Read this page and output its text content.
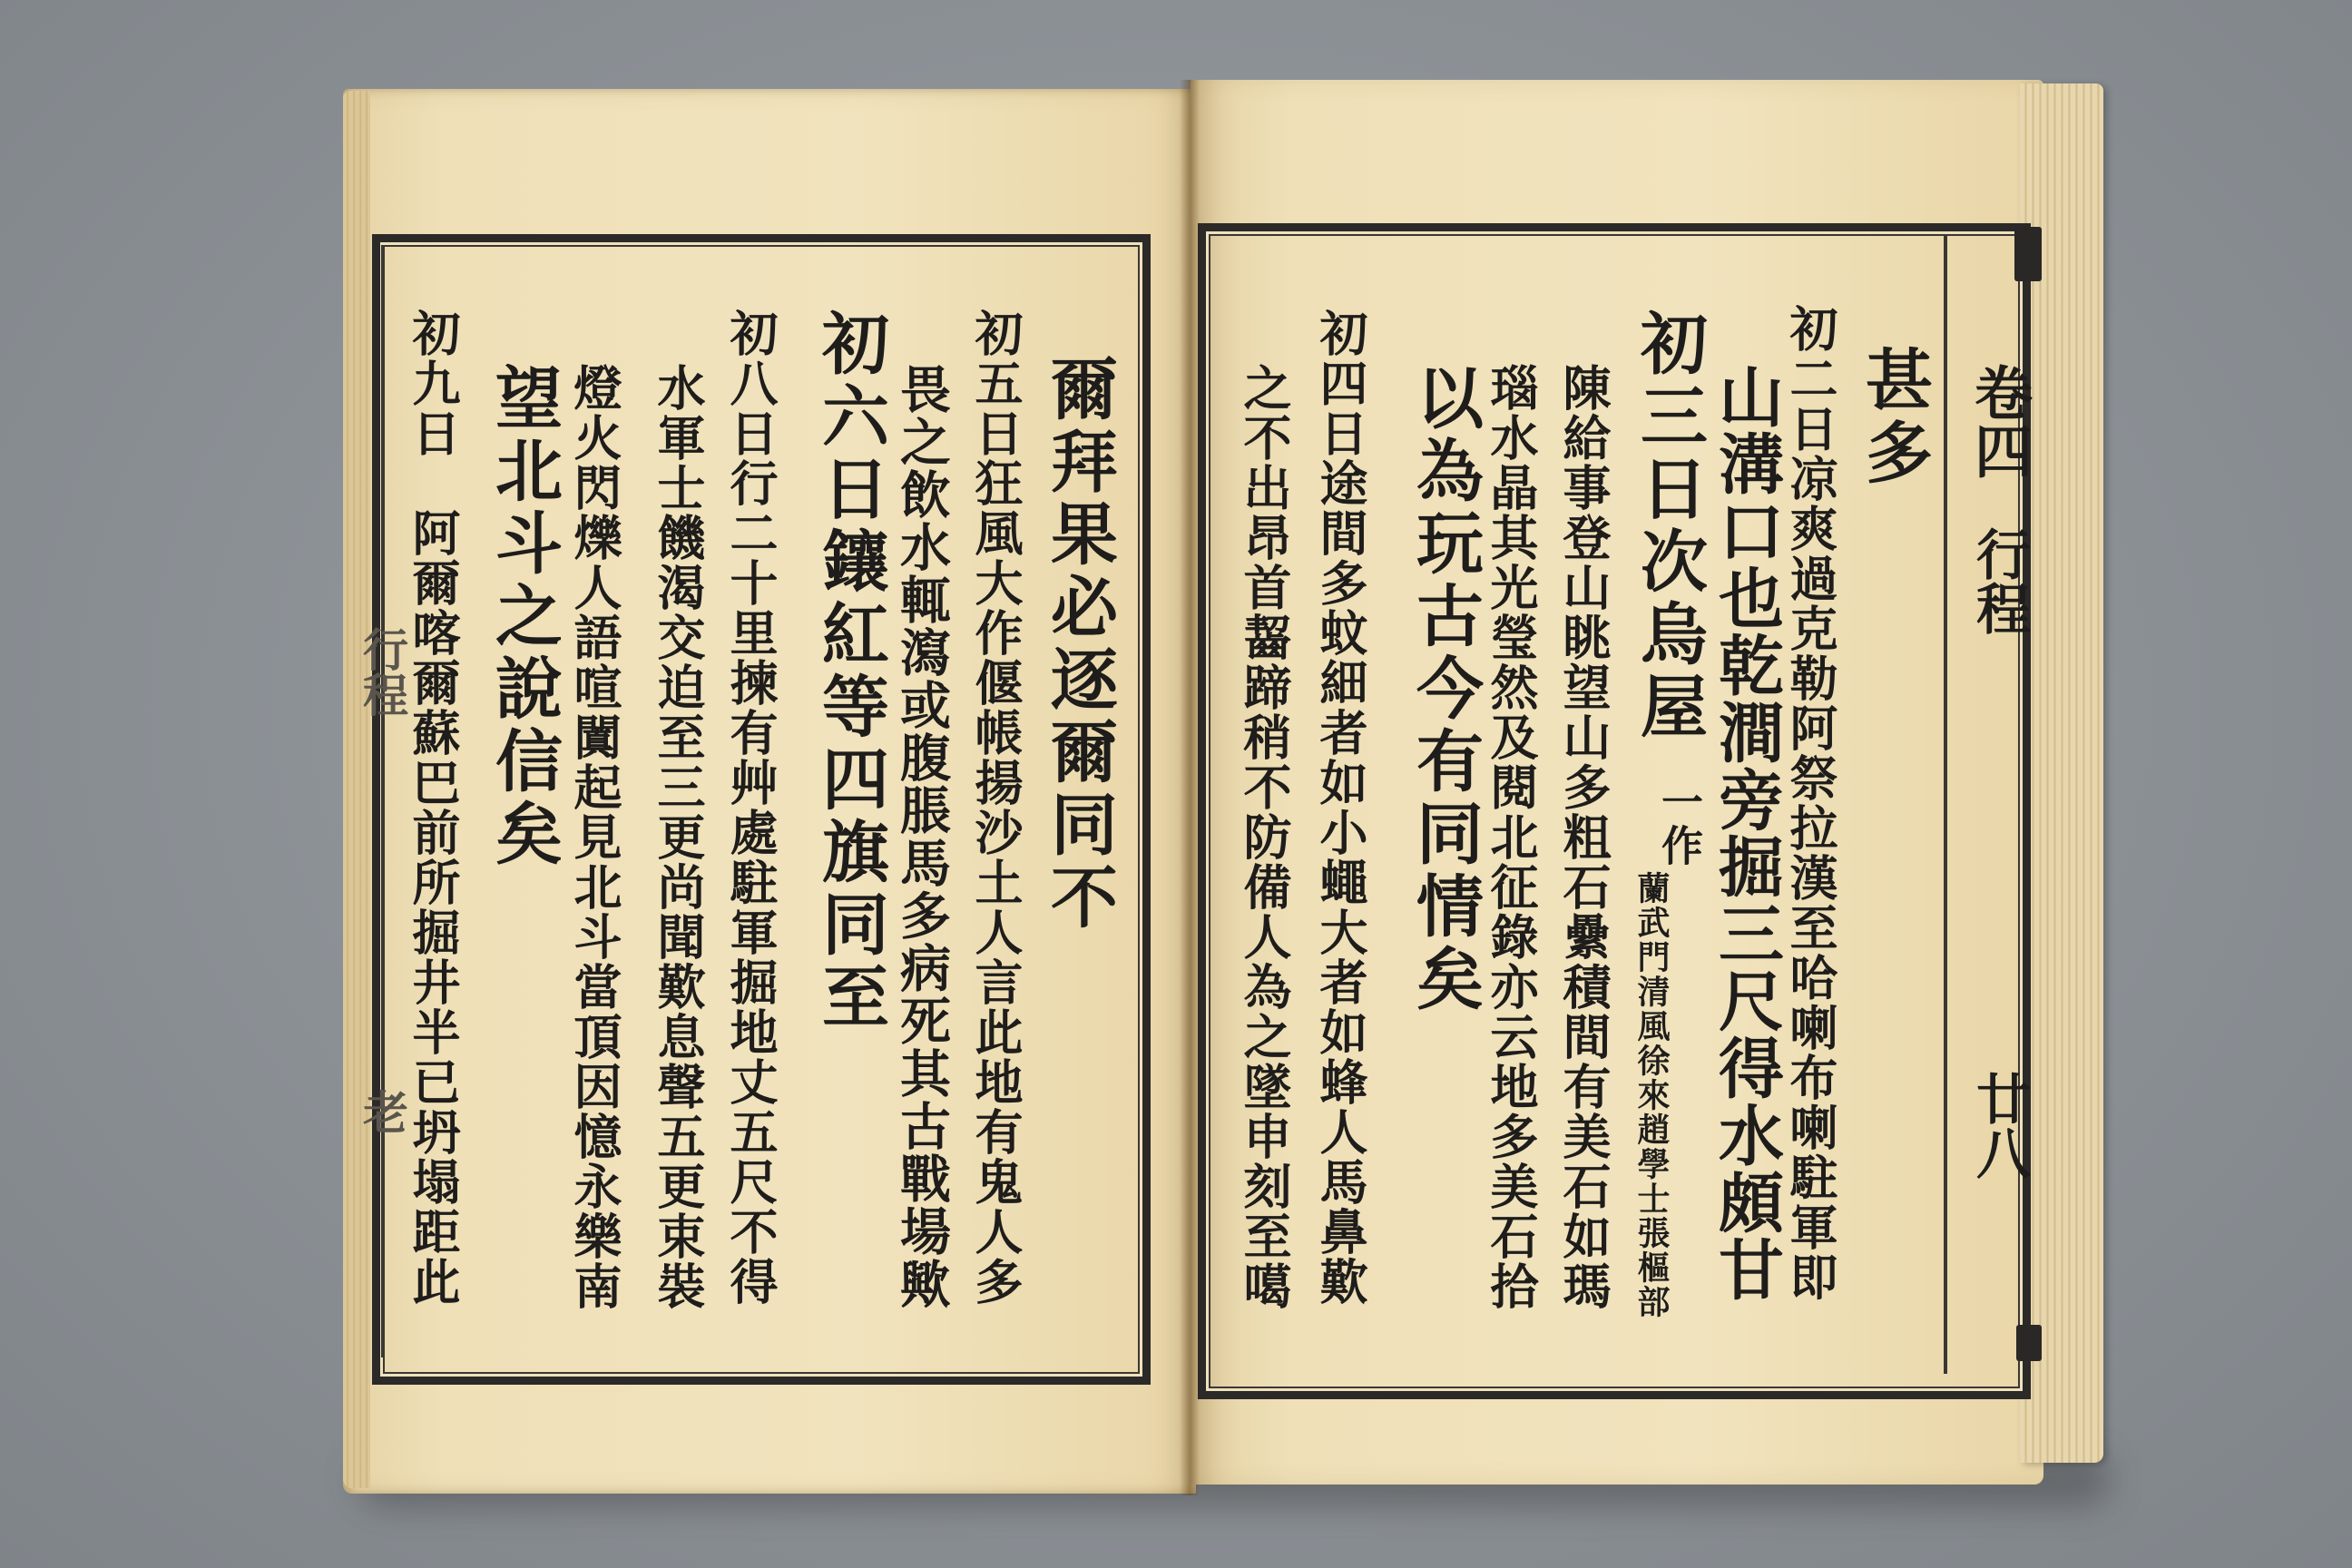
行程
老
爾拜果必逐爾同不
初五日狂風大作偃帳揚沙土人言此地有鬼人多
畏之飲水輒瀉或腹脹馬多病死其古戰場歟
初六日鑲紅等四旗同至
初八日行二十里揀有艸處駐軍掘地丈五尺不得
水軍士饑渴交迫至三更尚聞歎息聲五更束裝
燈火閃爍人語喧闐起見北斗當頂因憶永樂南
望北斗之說信矣
初九日　阿爾喀爾蘇巴前所掘井半已坍塌距此	卷四
行程
廿八
甚多
初二日凉爽過克勒阿祭拉漢至哈喇布喇駐軍即
山溝口也乾澗旁掘三尺得水頗甘
初三日次烏屋
一作
蘭武門清風徐來趙學士張樞部
陳給事登山眺望山多粗石纍積間有美石如瑪
瑙水晶其光瑩然及閱北征錄亦云地多美石拾
以為玩古今有同情矣
初四日途間多蚊細者如小蠅大者如蜂人馬鼻歎
之不出昂首齧蹄稍不防備人為之墜申刻至噶
